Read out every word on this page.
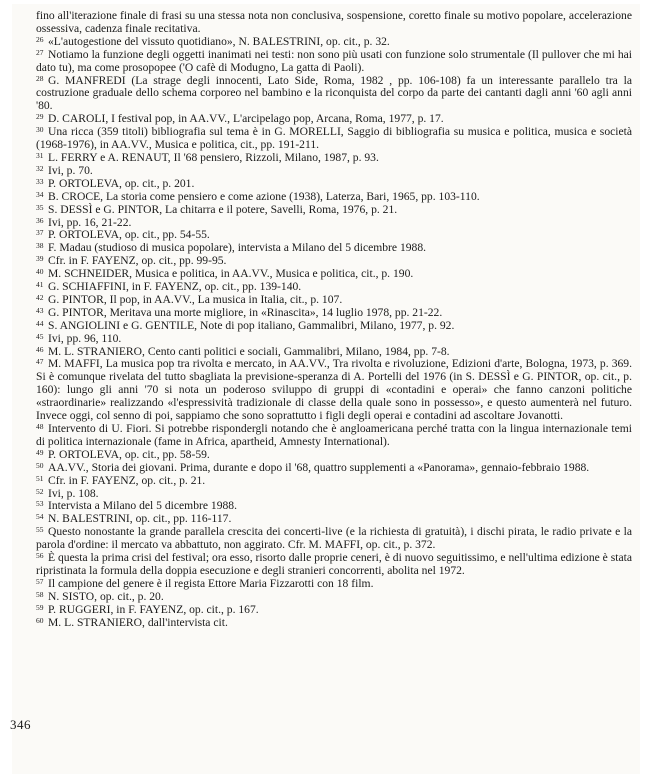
fino all'iterazione finale di frasi su una stessa nota non conclusiva, sospensione, coretto finale su motivo popolare, accelerazione ossessiva, cadenza finale recitativa.

26 «L'autogestione del vissuto quotidiano», N. BALESTRINI, op. cit., p. 32.

27 Notiamo la funzione degli oggetti inanimati nei testi: non sono più usati con funzione solo strumentale (Il pullover che mi hai dato tu), ma come prosopopee ('O cafè di Modugno, La gatta di Paoli).

28 G. MANFREDI (La strage degli innocenti, Lato Side, Roma, 1982 , pp. 106-108) fa un interessante parallelo tra la costruzione graduale dello schema corporeo nel bambino e la riconquista del corpo da parte dei cantanti dagli anni '60 agli anni '80.

29 D. CAROLI, I festival pop, in AA.VV., L'arcipelago pop, Arcana, Roma, 1977, p. 17.

30 Una ricca (359 titoli) bibliografia sul tema è in G. MORELLI, Saggio di bibliografia su musica e politica, musica e società (1968-1976), in AA.VV., Musica e politica, cit., pp. 191-211.

31 L. FERRY e A. RENAUT, Il '68 pensiero, Rizzoli, Milano, 1987, p. 93.

32 Ivi, p. 70.

33 P. ORTOLEVA, op. cit., p. 201.

34 B. CROCE, La storia come pensiero e come azione (1938), Laterza, Bari, 1965, pp. 103-110.

35 S. DESSÌ e G. PINTOR, La chitarra e il potere, Savelli, Roma, 1976, p. 21.

36 Ivi, pp. 16, 21-22.

37 P. ORTOLEVA, op. cit., pp. 54-55.

38 F. Madau (studioso di musica popolare), intervista a Milano del 5 dicembre 1988.

39 Cfr. in F. FAYENZ, op. cit., pp. 99-95.

40 M. SCHNEIDER, Musica e politica, in AA.VV., Musica e politica, cit., p. 190.

41 G. SCHIAFFINI, in F. FAYENZ, op. cit., pp. 139-140.

42 G. PINTOR, Il pop, in AA.VV., La musica in Italia, cit., p. 107.

43 G. PINTOR, Meritava una morte migliore, in «Rinascita», 14 luglio 1978, pp. 21-22.

44 S. ANGIOLINI e G. GENTILE, Note di pop italiano, Gammalibri, Milano, 1977, p. 92.

45 Ivi, pp. 96, 110.

46 M. L. STRANIERO, Cento canti politici e sociali, Gammalibri, Milano, 1984, pp. 7-8.

47 M. MAFFI, La musica pop tra rivolta e mercato, in AA.VV., Tra rivolta e rivoluzione, Edizioni d'arte, Bologna, 1973, p. 369. Si è comunque rivelata del tutto sbagliata la previsione-speranza di A. Portelli del 1976 (in S. DESSÌ e G. PINTOR, op. cit., p. 160): lungo gli anni '70 si nota un poderoso sviluppo di gruppi di «contadini e operai» che fanno canzoni politiche «straordinarie» realizzando «l'espressività tradizionale di classe della quale sono in possesso», e questo aumenterà nel futuro. Invece oggi, col senno di poi, sappiamo che sono soprattutto i figli degli operai e contadini ad ascoltare Jovanotti.

48 Intervento di U. Fiori. Si potrebbe rispondergli notando che è angloamericana perché tratta con la lingua internazionale temi di politica internazionale (fame in Africa, apartheid, Amnesty International).

49 P. ORTOLEVA, op. cit., pp. 58-59.

50 AA.VV., Storia dei giovani. Prima, durante e dopo il '68, quattro supplementi a «Panorama», gennaio-febbraio 1988.

51 Cfr. in F. FAYENZ, op. cit., p. 21.

52 Ivi, p. 108.

53 Intervista a Milano del 5 dicembre 1988.

54 N. BALESTRINI, op. cit., pp. 116-117.

55 Questo nonostante la grande parallela crescita dei concerti-live (e la richiesta di gratuità), i dischi pirata, le radio private e la parola d'ordine: il mercato va abbattuto, non aggirato. Cfr. M. MAFFI, op. cit., p. 372.

56 È questa la prima crisi del festival; ora esso, risorto dalle proprie ceneri, è di nuovo seguitissimo, e nell'ultima edizione è stata ripristinata la formula della doppia esecuzione e degli stranieri concorrenti, abolita nel 1972.

57 Il campione del genere è il regista Ettore Maria Fizzarotti con 18 film.

58 N. SISTO, op. cit., p. 20.

59 P. RUGGERI, in F. FAYENZ, op. cit., p. 167.

60 M. L. STRANIERO, dall'intervista cit.

346
